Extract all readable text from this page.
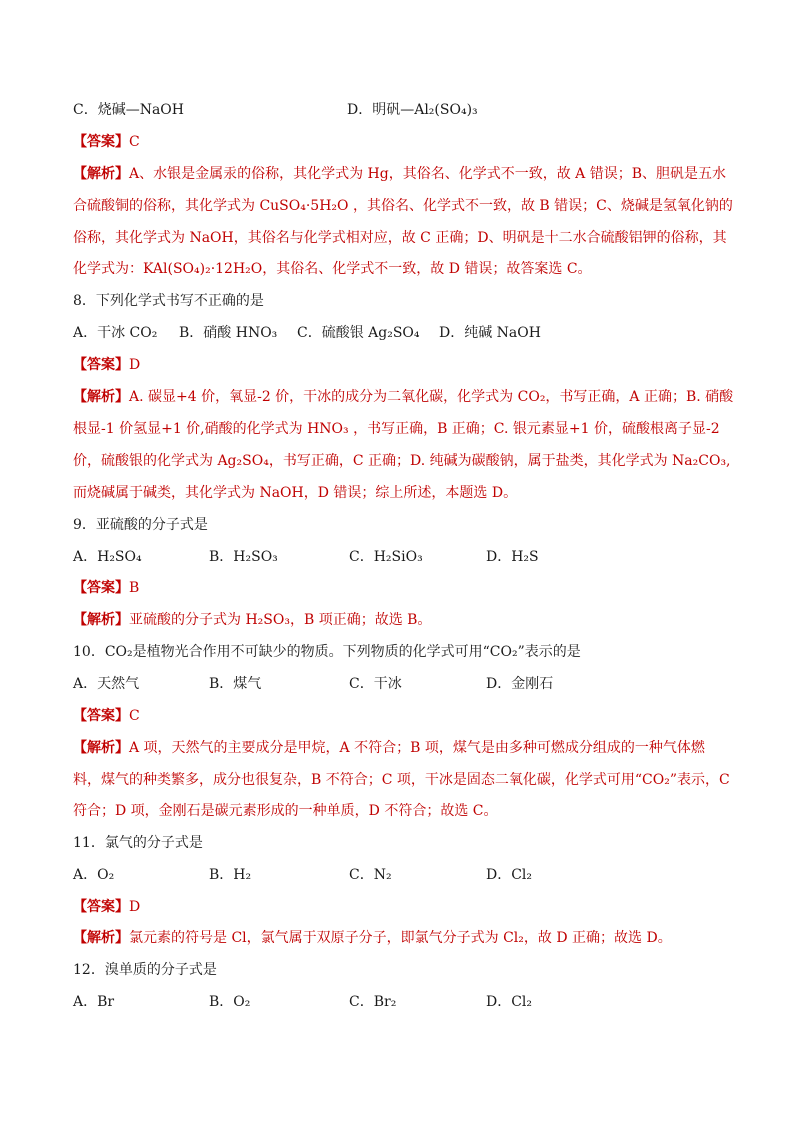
C．烧碱—NaOH	D．明矾—Al₂(SO₄)₃
【答案】C
【解析】A、水银是金属汞的俗称，其化学式为 Hg，其俗名、化学式不一致，故 A 错误；B、胆矾是五水
合硫酸铜的俗称，其化学式为 CuSO₄·5H₂O ，其俗名、化学式不一致，故 B 错误；C、烧碱是氢氧化钠的
俗称，其化学式为 NaOH，其俗名与化学式相对应，故 C 正确；D、明矾是十二水合硫酸铝钾的俗称，其
化学式为：KAl(SO₄)₂·12H₂O，其俗名、化学式不一致，故 D 错误；故答案选 C。
8．下列化学式书写不正确的是
A．干冰 CO₂ B．硝酸 HNO₃ C．硫酸银 Ag₂SO₄ D．纯碱 NaOH
【答案】D
【解析】A. 碳显+4 价，氧显-2 价，干冰的成分为二氧化碳，化学式为 CO₂，书写正确，A 正确；B. 硝酸
根显-1 价氢显+1 价,硝酸的化学式为 HNO₃ ，书写正确，B 正确；C. 银元素显+1 价，硫酸根离子显-2
价，硫酸银的化学式为 Ag₂SO₄，书写正确，C 正确；D. 纯碱为碳酸钠，属于盐类，其化学式为 Na₂CO₃,
而烧碱属于碱类，其化学式为 NaOH，D 错误；综上所述，本题选 D。
9．亚硫酸的分子式是
A．H₂SO₄	B．H₂SO₃	C．H₂SiO₃	D．H₂S
【答案】B
【解析】亚硫酸的分子式为 H₂SO₃，B 项正确；故选 B。
10．CO₂是植物光合作用不可缺少的物质。下列物质的化学式可用“CO₂”表示的是
A．天然气	B．煤气	C．干冰	D．金刚石
【答案】C
【解析】A 项，天然气的主要成分是甲烷，A 不符合；B 项，煤气是由多种可燃成分组成的一种气体燃
料，煤气的种类繁多，成分也很复杂，B 不符合；C 项，干冰是固态二氧化碳，化学式可用“CO₂”表示，C
符合；D 项，金刚石是碳元素形成的一种单质，D 不符合；故选 C。
11．氯气的分子式是
A．O₂	B．H₂	C．N₂	D．Cl₂
【答案】D
【解析】氯元素的符号是 Cl，氯气属于双原子分子，即氯气分子式为 Cl₂，故 D 正确；故选 D。
12．溴单质的分子式是
A．Br	B．O₂	C．Br₂	D．Cl₂
